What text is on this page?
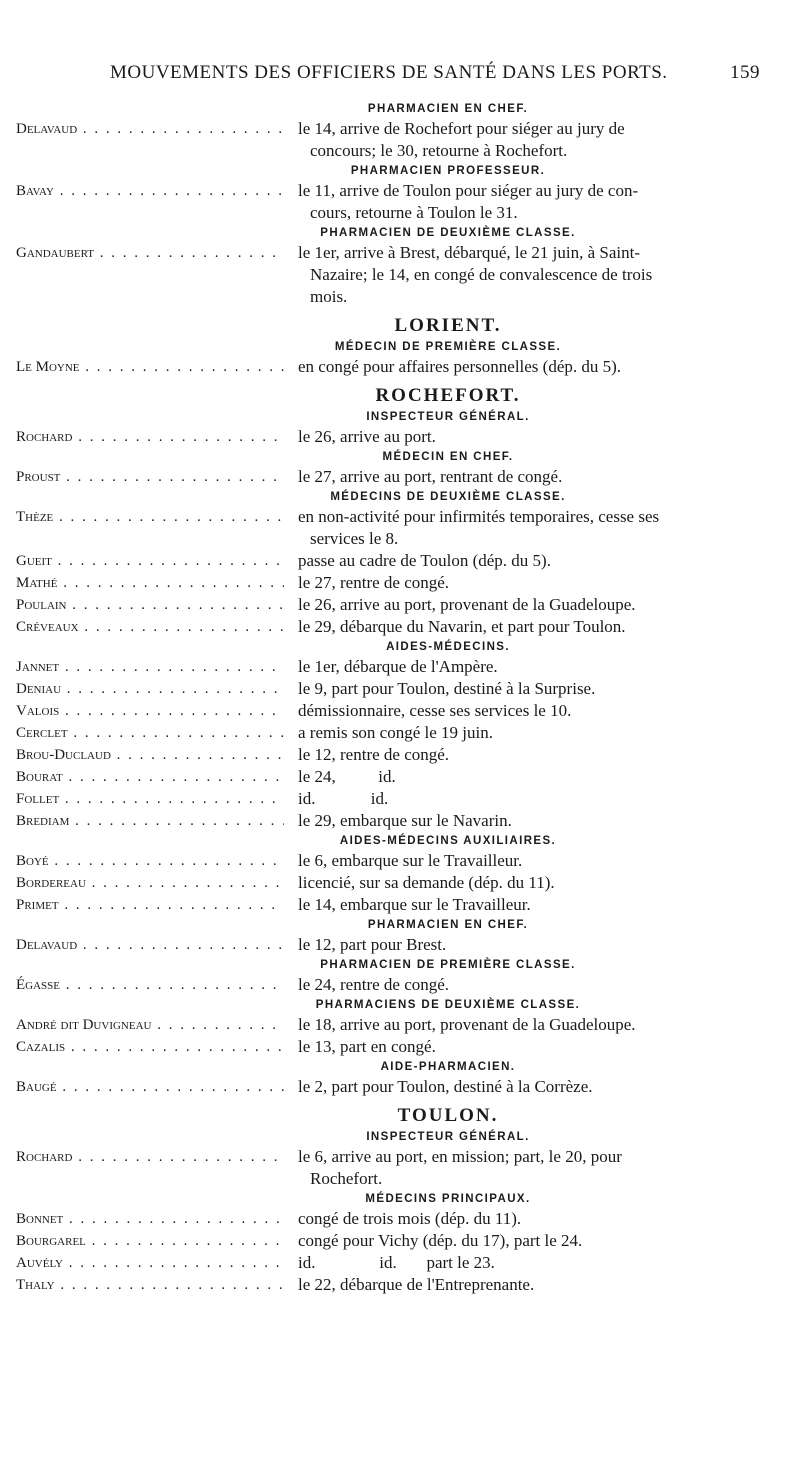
MOUVEMENTS DES OFFICIERS DE SANTÉ DANS LES PORTS.	159
PHARMACIEN EN CHEF.
Delavaud . . .	le 14, arrive de Rochefort pour siéger au jury de
concours; le 30, retourne à Rochefort.
PHARMACIEN PROFESSEUR.
Bavay . . .	le 11, arrive de Toulon pour siéger au jury de con-
cours, retourne à Toulon le 31.
PHARMACIEN DE DEUXIÈME CLASSE.
Gandaubert . . .	le 1er, arrive à Brest, débarqué, le 21 juin, à Saint-
Nazaire; le 14, en congé de convalescence de trois
mois.
LORIENT.
MÉDECIN DE PREMIÈRE CLASSE.
Le Moyne . . .	en congé pour affaires personnelles (dép. du 5).
ROCHEFORT.
INSPECTEUR GÉNÉRAL.
Rochard . . .	le 26, arrive au port.
MÉDECIN EN CHEF.
Proust . . .	le 27, arrive au port, rentrant de congé.
MÉDECINS DE DEUXIÈME CLASSE.
Thèze . . .	en non-activité pour infirmités temporaires, cesse ses
services le 8.
Gueit . . .	passe au cadre de Toulon (dép. du 5).
Mathé . . .	le 27, rentre de congé.
Poulain . . .	le 26, arrive au port, provenant de la Guadeloupe.
Créveaux . . .	le 29, débarque du Navarin, et part pour Toulon.
AIDES-MÉDECINS.
Jannet . . .	le 1er, débarque de l'Ampère.
Deniau . . .	le 9, part pour Toulon, destiné à la Surprise.
Valois . . .	démissionnaire, cesse ses services le 10.
Cerclet . . .	a remis son congé le 19 juin.
Brou-Duclaud . . .	le 12, rentre de congé.
Bourat . . .	le 24,          id.
Follet . . .	id.             id.
Brediam . . .	le 29, embarque sur le Navarin.
AIDES-MÉDECINS AUXILIAIRES.
Boyé . . .	le 6, embarque sur le Travailleur.
Bordereau . . .	licencié, sur sa demande (dép. du 11).
Primet . . .	le 14, embarque sur le Travailleur.
PHARMACIEN EN CHEF.
Delavaud . . .	le 12, part pour Brest.
PHARMACIEN DE PREMIÈRE CLASSE.
Égasse . . .	le 24, rentre de congé.
PHARMACIENS DE DEUXIÈME CLASSE.
André dit Duvigneau . . .	le 18, arrive au port, provenant de la Guadeloupe.
Cazalis . . .	le 13, part en congé.
AIDE-PHARMACIEN.
Baugé . . .	le 2, part pour Toulon, destiné à la Corrèze.
TOULON.
INSPECTEUR GÉNÉRAL.
Rochard . . .	le 6, arrive au port, en mission; part, le 20, pour
Rochefort.
MÉDECINS PRINCIPAUX.
Bonnet . . .	congé de trois mois (dép. du 11).
Bourgarel . . .	congé pour Vichy (dép. du 17), part le 24.
Auvély . . .	id.               id.       part le 23.
Thaly . . .	le 22, débarque de l'Entreprenante.
